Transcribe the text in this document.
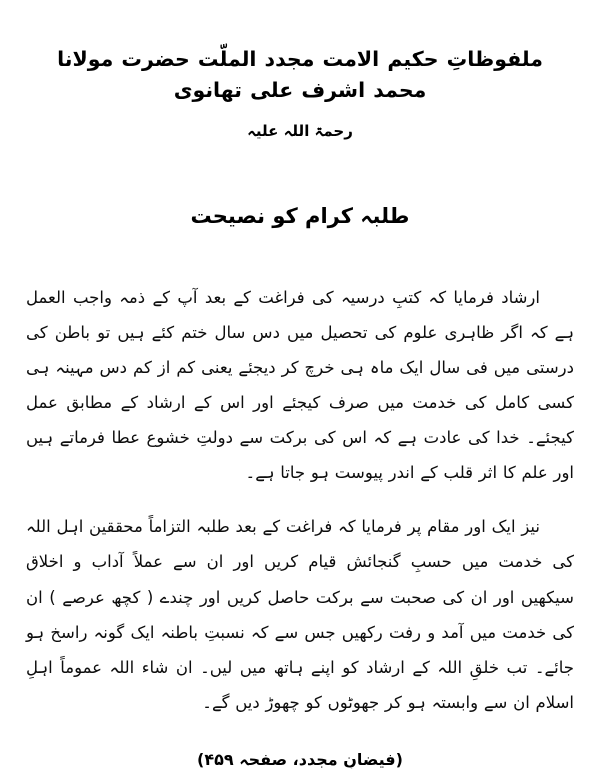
ملفوظاتِ حکیم الامت مجدد الملّت حضرت مولانا محمد اشرف علی تھانوی
رحمۃ اللہ علیہ
طلبہ کرام کو نصیحت

ارشاد فرمایا کہ کتبِ درسیہ کی فراغت کے بعد آپ کے ذمہ واجب العمل ہے کہ اگر ظاہری علوم کی تحصیل میں دس سال ختم کئے ہیں تو باطن کی درستی میں فی سال ایک ماہ ہی خرچ کر دیجئے یعنی کم از کم دس مہینہ ہی کسی کامل کی خدمت میں صرف کیجئے اور اس کے ارشاد کے مطابق عمل کیجئے۔ خدا کی عادت ہے کہ اس کی برکت سے دولتِ خشوع عطا فرماتے ہیں اور علم کا اثر قلب کے اندر پیوست ہو جاتا ہے۔

نیز ایک اور مقام پر فرمایا کہ فراغت کے بعد طلبہ التزاماً محققین اہل اللہ کی خدمت میں حسبِ گنجائش قیام کریں اور ان سے عملاً آداب و اخلاق سیکھیں اور ان کی صحبت سے برکت حاصل کریں اور چندے ( کچھ عرصے ) ان کی خدمت میں آمد و رفت رکھیں جس سے کہ نسبتِ باطنہ ایک گونہ راسخ ہو جائے۔ تب خلقِ اللہ کے ارشاد کو اپنے ہاتھ میں لیں۔ ان شاء اللہ عموماً اہلِ اسلام ان سے وابستہ ہو کر جھوٹوں کو چھوڑ دیں گے۔

(فیضانِ مجدد، صفحہ ۴۵۹)
